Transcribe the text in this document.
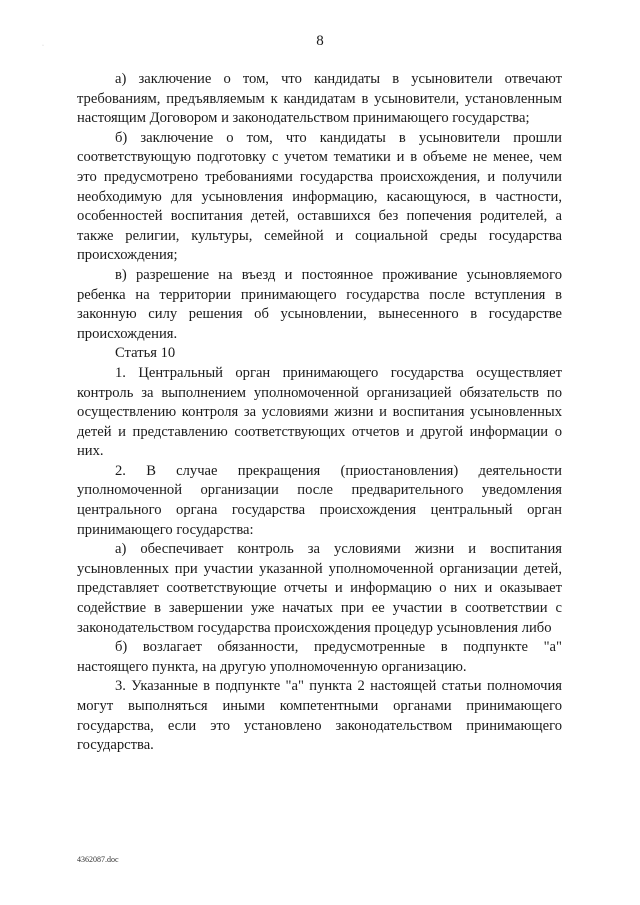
·	8

а) заключение о том, что кандидаты в усыновители отвечают требованиям, предъявляемым к кандидатам в усыновители, установленным настоящим Договором и законодательством принимающего государства;

б) заключение о том, что кандидаты в усыновители прошли соответствующую подготовку с учетом тематики и в объеме не менее, чем это предусмотрено требованиями государства происхождения, и получили необходимую для усыновления информацию, касающуюся, в частности, особенностей воспитания детей, оставшихся без попечения родителей, а также религии, культуры, семейной и социальной среды государства происхождения;

в) разрешение на въезд и постоянное проживание усыновляемого ребенка на территории принимающего государства после вступления в законную силу решения об усыновлении, вынесенного в государстве происхождения.

Статья 10

1. Центральный орган принимающего государства осуществляет контроль за выполнением уполномоченной организацией обязательств по осуществлению контроля за условиями жизни и воспитания усыновленных детей и представлению соответствующих отчетов и другой информации о них.

2. В случае прекращения (приостановления) деятельности уполномоченной организации после предварительного уведомления центрального органа государства происхождения центральный орган принимающего государства:

а) обеспечивает контроль за условиями жизни и воспитания усыновленных при участии указанной уполномоченной организации детей, представляет соответствующие отчеты и информацию о них и оказывает содействие в завершении уже начатых при ее участии в соответствии с законодательством государства происхождения процедур усыновления либо

б) возлагает обязанности, предусмотренные в подпункте "а" настоящего пункта, на другую уполномоченную организацию.

3. Указанные в подпункте "а" пункта 2 настоящей статьи полномочия могут выполняться иными компетентными органами принимающего государства, если это установлено законодательством принимающего государства.

4362087.doc
